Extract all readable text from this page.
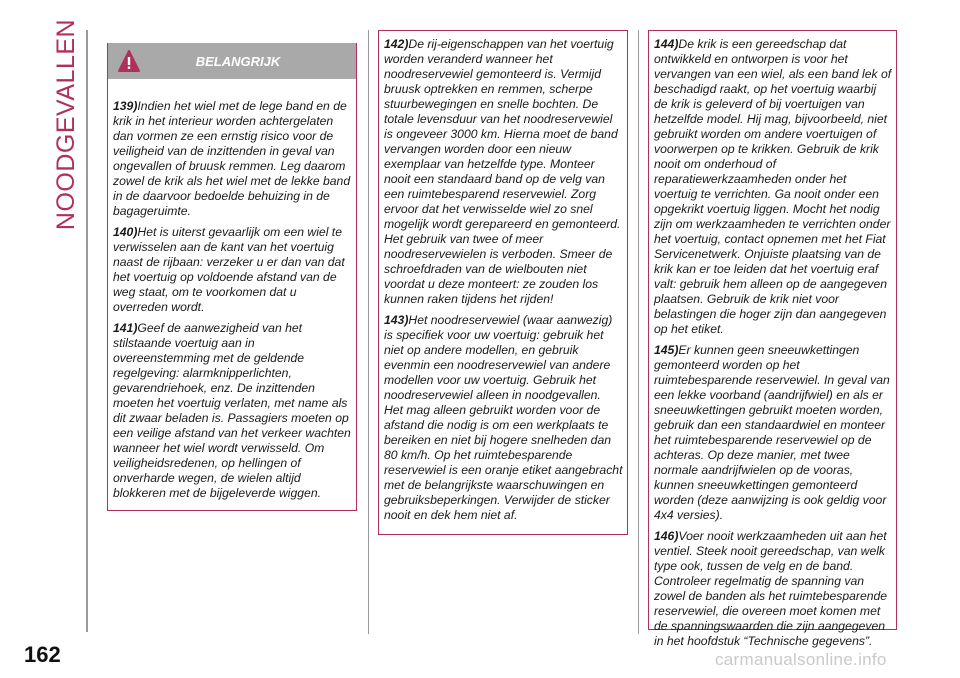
NOODGEVALLEN	139)Indien het wiel met de lege band en de krik in het interieur worden achtergelaten dan vormen ze een ernstig risico voor de veiligheid van de inzittenden in geval van ongevallen of bruusk remmen. Leg daarom zowel de krik als het wiel met de lekke band in de daarvoor bedoelde behuizing in de bagageruimte.

140)Het is uiterst gevaarlijk om een wiel te verwisselen aan de kant van het voertuig naast de rijbaan: verzeker u er dan van dat het voertuig op voldoende afstand van de weg staat, om te voorkomen dat u overreden wordt.

141)Geef de aanwezigheid van het stilstaande voertuig aan in overeenstemming met de geldende regelgeving: alarmknipperlichten, gevarendriehoek, enz. De inzittenden moeten het voertuig verlaten, met name als dit zwaar beladen is. Passagiers moeten op een veilige afstand van het verkeer wachten wanneer het wiel wordt verwisseld. Om veiligheidsredenen, op hellingen of onverharde wegen, de wielen altijd blokkeren met de bijgeleverde wiggen.

BELANGRIJK

142)De rij-eigenschappen van het voertuig worden veranderd wanneer het noodreservewiel gemonteerd is. Vermijd bruusk optrekken en remmen, scherpe stuurbewegingen en snelle bochten. De totale levensduur van het noodreservewiel is ongeveer 3000 km. Hierna moet de band vervangen worden door een nieuw exemplaar van hetzelfde type. Monteer nooit een standaard band op de velg van een ruimtebesparend reservewiel. Zorg ervoor dat het verwisselde wiel zo snel mogelijk wordt gerepareerd en gemonteerd. Het gebruik van twee of meer noodreservewielen is verboden. Smeer de schroefdraden van de wielbouten niet voordat u deze monteert: ze zouden los kunnen raken tijdens het rijden!

143)Het noodreservewiel (waar aanwezig) is specifiek voor uw voertuig: gebruik het niet op andere modellen, en gebruik evenmin een noodreservewiel van andere modellen voor uw voertuig. Gebruik het noodreservewiel alleen in noodgevallen. Het mag alleen gebruikt worden voor de afstand die nodig is om een werkplaats te bereiken en niet bij hogere snelheden dan 80 km/h. Op het ruimtebesparende reservewiel is een oranje etiket aangebracht met de belangrijkste waarschuwingen en gebruiksbeperkingen. Verwijder de sticker nooit en dek hem niet af.

144)De krik is een gereedschap dat ontwikkeld en ontworpen is voor het vervangen van een wiel, als een band lek of beschadigd raakt, op het voertuig waarbij de krik is geleverd of bij voertuigen van hetzelfde model. Hij mag, bijvoorbeeld, niet gebruikt worden om andere voertuigen of voorwerpen op te krikken. Gebruik de krik nooit om onderhoud of reparatiewerkzaamheden onder het voertuig te verrichten. Ga nooit onder een opgekrikt voertuig liggen. Mocht het nodig zijn om werkzaamheden te verrichten onder het voertuig, contact opnemen met het Fiat Servicenetwerk. Onjuiste plaatsing van de krik kan er toe leiden dat het voertuig eraf valt: gebruik hem alleen op de aangegeven plaatsen. Gebruik de krik niet voor belastingen die hoger zijn dan aangegeven op het etiket.

145)Er kunnen geen sneeuwkettingen gemonteerd worden op het ruimtebesparende reservewiel. In geval van een lekke voorband (aandrijfwiel) en als er sneeuwkettingen gebruikt moeten worden, gebruik dan een standaardwiel en monteer het ruimtebesparende reservewiel op de achteras. Op deze manier, met twee normale aandrijfwielen op de vooras, kunnen sneeuwkettingen gemonteerd worden (deze aanwijzing is ook geldig voor 4x4 versies).

146)Voer nooit werkzaamheden uit aan het ventiel. Steek nooit gereedschap, van welk type ook, tussen de velg en de band. Controleer regelmatig de spanning van zowel de banden als het ruimtebesparende reservewiel, die overeen moet komen met de spanningswaarden die zijn aangegeven in het hoofdstuk “Technische gegevens”.

162	carmanualsonline.info
